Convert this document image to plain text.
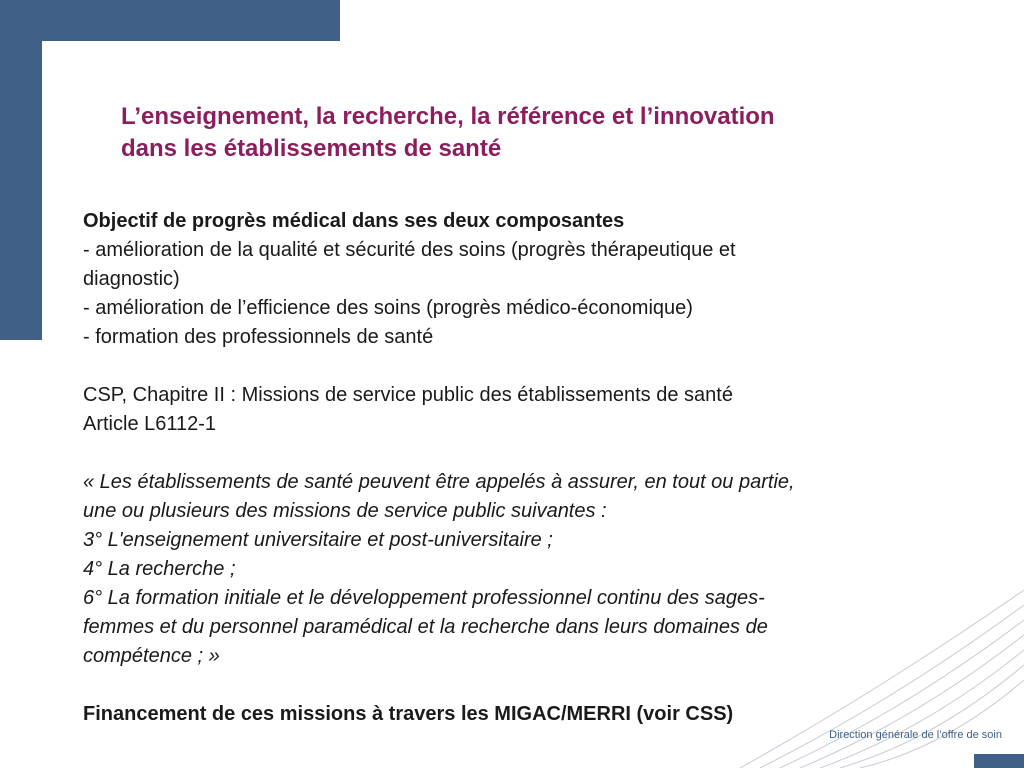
L’enseignement, la recherche, la référence et l’innovation
dans les établissements de santé

Objectif de progrès médical dans ses deux composantes

- amélioration de la qualité et sécurité des soins (progrès thérapeutique et

diagnostic)

- amélioration de l’efficience des soins (progrès médico-économique)

- formation des professionnels de santé

CSP, Chapitre II : Missions de service public des établissements de santé

Article L6112-1

« Les établissements de santé peuvent être appelés à assurer, en tout ou partie,

une ou plusieurs des missions de service public suivantes :

3° L'enseignement universitaire et post-universitaire ;

4° La recherche ;

6° La formation initiale et le développement professionnel continu des sages-

femmes et du personnel paramédical et la recherche dans leurs domaines de

compétence ; »

Financement de ces missions à travers les MIGAC/MERRI (voir CSS)

Direction générale de l’offre de soin
